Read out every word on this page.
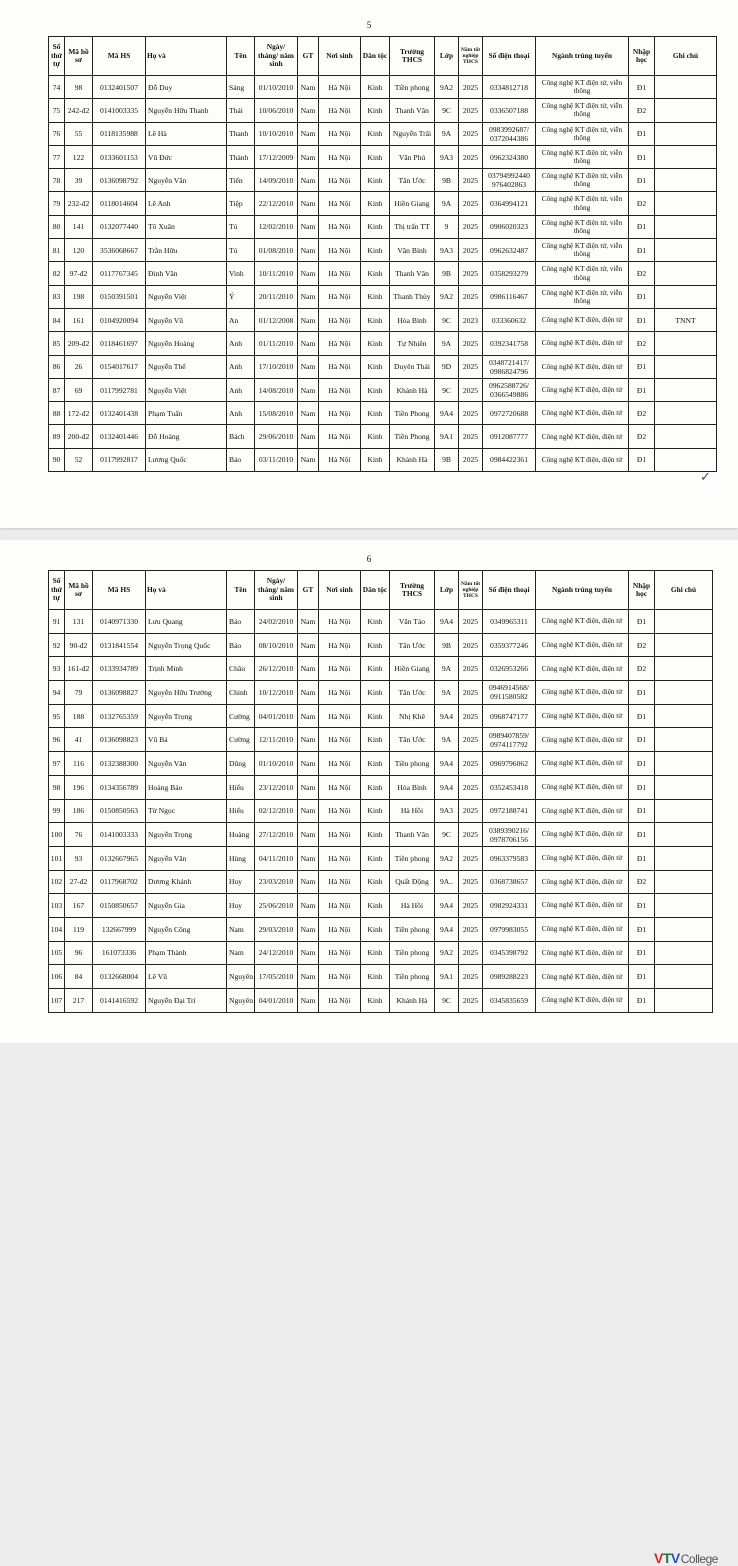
5
Số thứ tự	Mã hồ sơ	Mã HS	Họ và	Tên	Ngày/ tháng/ năm sinh	GT	Nơi sinh	Dân tộc	Trường THCS	Lớp	Năm tốt nghiệp THCS	Số điện thoại	Ngành trúng tuyển	Nhập học	Ghi chú
74	98	0132401507	Đỗ Duy	Sáng	01/10/2010	Nam	Hà Nội	Kinh	Tiền phong	9A2	2025	0334812718	Công nghệ KT điện tử, viễn thông	Đ1	
75	242-đ2	0141003335	Nguyễn Hữu Thanh	Thái	10/06/2010	Nam	Hà Nội	Kinh	Thanh Văn	9C	2025	0336507188	Công nghệ KT điện tử, viễn thông	Đ2	
76	55	0118135988	Lê Hà	Thanh	10/10/2010	Nam	Hà Nội	Kinh	Nguyễn Trãi	9A	2025	0983992687/ 0372044386	Công nghệ KT điện tử, viễn thông	Đ1	
77	122	0133601153	Vũ Đức	Thành	17/12/2009	Nam	Hà Nội	Kinh	Văn Phú	9A3	2025	0962324380	Công nghệ KT điện tử, viễn thông	Đ1	
78	39	0136098792	Nguyễn Văn	Tiến	14/09/2010	Nam	Hà Nội	Kinh	Tân Ước	9B	2025	03794992440 976402863	Công nghệ KT điện tử, viễn thông	Đ1	
79	232-đ2	0118014604	Lê Anh	Tiệp	22/12/2010	Nam	Hà Nội	Kinh	Hiền Giang	9A	2025	0364994121	Công nghệ KT điện tử, viễn thông	Đ2	
80	141	0132077440	Tô Xuân	Tú	12/02/2010	Nam	Hà Nội	Kinh	Thị trấn TT	9	2025	0906020323	Công nghệ KT điện tử, viễn thông	Đ1	
81	120	3536068667	Trần Hữu	Tú	01/08/2010	Nam	Hà Nội	Kinh	Văn Bình	9A3	2025	0962632487	Công nghệ KT điện tử, viễn thông	Đ1	
82	97-đ2	0117767345	Đinh Văn	Vinh	10/11/2010	Nam	Hà Nội	Kinh	Thanh Văn	9B	2025	0358293279	Công nghệ KT điện tử, viễn thông	Đ2	
83	198	0150391501	Nguyễn Việt	Ý	20/11/2010	Nam	Hà Nội	Kinh	Thanh Thùy	9A2	2025	0986116467	Công nghệ KT điện tử, viễn thông	Đ1	
84	161	0104920094	Nguyễn Vũ	An	01/12/2008	Nam	Hà Nội	Kinh	Hòa Bình	9C	2023	033360632	Công nghệ KT điện, điện tử	Đ1	TNNT
85	209-đ2	0118461697	Nguyễn Hoàng	Anh	01/11/2010	Nam	Hà Nội	Kinh	Tự Nhiên	9A	2025	0392341758	Công nghệ KT điện, điện tử	Đ2	
86	26	0154017617	Nguyễn Thế	Anh	17/10/2010	Nam	Hà Nội	Kinh	Duyên Thái	9D	2025	0348721417/ 0986824796	Công nghệ KT điện, điện tử	Đ1	
87	69	0117992781	Nguyễn Việt	Anh	14/08/2010	Nam	Hà Nội	Kinh	Khánh Hà	9C	2025	0962588726/ 0366549886	Công nghệ KT điện, điện tử	Đ1	
88	172-đ2	0132401438	Phạm Tuấn	Anh	15/08/2010	Nam	Hà Nội	Kinh	Tiền Phong	9A4	2025	0972720688	Công nghệ KT điện, điện tử	Đ2	
89	200-đ2	0132401446	Đỗ Hoàng	Bách	29/06/2010	Nam	Hà Nội	Kinh	Tiền Phong	9A1	2025	0912087777	Công nghệ KT điện, điện tử	Đ2	
90	52	0117992817	Lương Quốc	Bảo	03/11/2010	Nam	Hà Nội	Kinh	Khánh Hà	9B	2025	0984422361	Công nghệ KT điện, điện tử	Đ1	
✓
6
Số thứ tự	Mã hồ sơ	Mã HS	Họ và	Tên	Ngày/ tháng/ năm sinh	GT	Nơi sinh	Dân tộc	Trường THCS	Lớp	Năm tốt nghiệp THCS	Số điện thoại	Ngành trúng tuyển	Nhập học	Ghi chú
91	131	0140971330	Lưu Quang	Bảo	24/02/2010	Nam	Hà Nội	Kinh	Văn Tảo	9A4	2025	0349965311	Công nghệ KT điện, điện tử	Đ1	
92	90-đ2	0131841554	Nguyễn Trọng Quốc	Bảo	08/10/2010	Nam	Hà Nội	Kinh	Tân Ước	9B	2025	0359377246	Công nghệ KT điện, điện tử	Đ2	
93	161-đ2	0133934789	Trịnh Minh	Châu	26/12/2010	Nam	Hà Nội	Kinh	Hiền Giang	9A	2025	0326953266	Công nghệ KT điện, điện tử	Đ2	
94	79	0136098827	Nguyễn Hữu Trường	Chinh	10/12/2010	Nam	Hà Nội	Kinh	Tân Ước	9A	2025	0946914568/ 0911580582	Công nghệ KT điện, điện tử	Đ1	
95	188	0132765359	Nguyễn Trọng	Cường	04/01/2010	Nam	Hà Nội	Kinh	Nhị Khê	9A4	2025	0968747177	Công nghệ KT điện, điện tử	Đ1	
96	41	0136098823	Vũ Bá	Cường	12/11/2010	Nam	Hà Nội	Kinh	Tân Ước	9A	2025	0989407859/ 0974117792	Công nghệ KT điện, điện tử	Đ1	
97	116	0132388300	Nguyễn Văn	Dũng	01/10/2010	Nam	Hà Nội	Kinh	Tiền phong	9A4	2025	0969796062	Công nghệ KT điện, điện tử	Đ1	
98	196	0134356789	Hoàng Bảo	Hiếu	23/12/2010	Nam	Hà Nội	Kinh	Hòa Bình	9A4	2025	0352453418	Công nghệ KT điện, điện tử	Đ1	
99	186	0150850563	Từ Ngọc	Hiếu	02/12/2010	Nam	Hà Nội	Kinh	Hà Hồi	9A3	2025	0972188741	Công nghệ KT điện, điện tử	Đ1	
100	76	0141003333	Nguyễn Trọng	Hoàng	27/12/2010	Nam	Hà Nội	Kinh	Thanh Văn	9C	2025	0389390216/ 0978706156	Công nghệ KT điện, điện tử	Đ1	
101	93	0132667965	Nguyễn Văn	Hùng	04/11/2010	Nam	Hà Nội	Kinh	Tiền phong	9A2	2025	0963379583	Công nghệ KT điện, điện tử	Đ1	
102	27-đ2	0117968702	Dương Khánh	Huy	23/03/2010	Nam	Hà Nội	Kinh	Quất Động	9A..	2025	0368738657	Công nghệ KT điện, điện tử	Đ2	
103	167	0150850657	Nguyễn Gia	Huy	25/06/2010	Nam	Hà Nội	Kinh	Hà Hồi	9A4	2025	0982924331	Công nghệ KT điện, điện tử	Đ1	
104	119	132667999	Nguyễn Công	Nam	29/03/2010	Nam	Hà Nội	Kinh	Tiền phong	9A4	2025	0979983055	Công nghệ KT điện, điện tử	Đ1	
105	96	161073336	Phạm Thành	Nam	24/12/2010	Nam	Hà Nội	Kinh	Tiền phong	9A2	2025	0345398792	Công nghệ KT điện, điện tử	Đ1	
106	84	0132668004	Lê Vũ	Nguyên	17/05/2010	Nam	Hà Nội	Kinh	Tiền phong	9A1	2025	0989288223	Công nghệ KT điện, điện tử	Đ1	
107	217	0141416592	Nguyễn Đại Trí	Nguyên	04/01/2010	Nam	Hà Nội	Kinh	Khánh Hà	9C	2025	0345835659	Công nghệ KT điện, điện tử	Đ1	
VTVCollege
